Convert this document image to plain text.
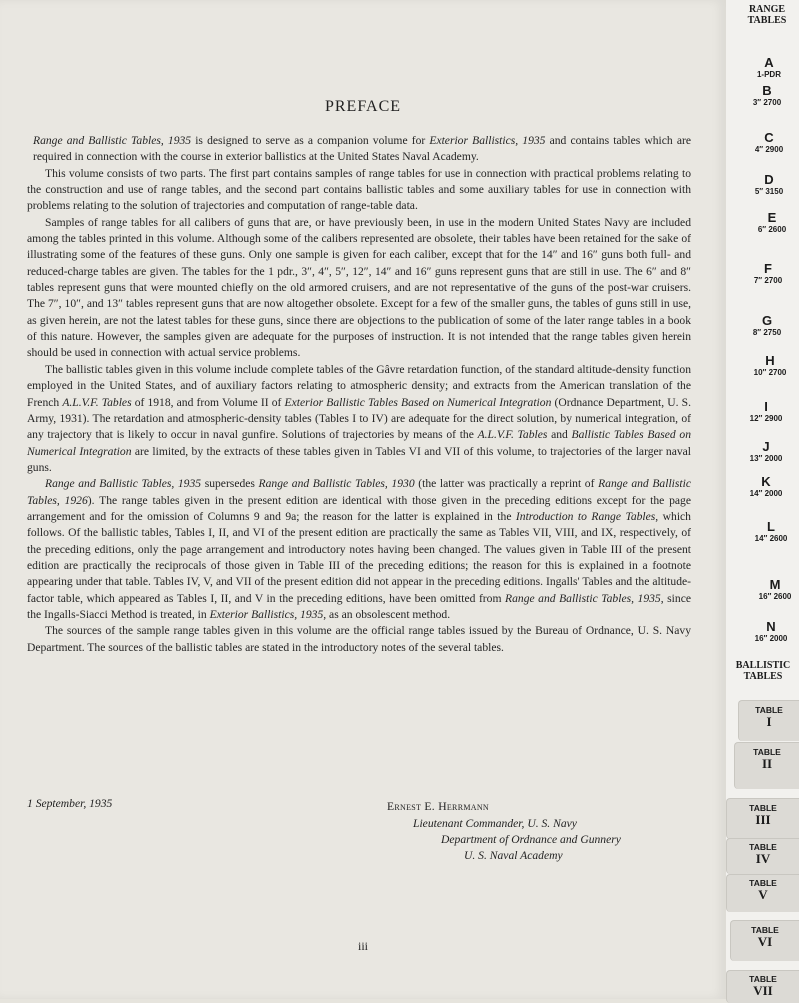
PREFACE

Range and Ballistic Tables, 1935 is designed to serve as a companion volume for Exterior Ballistics, 1935 and contains tables which are required in connection with the course in exterior ballistics at the United States Naval Academy.

This volume consists of two parts. The first part contains samples of range tables for use in connection with practical problems relating to the construction and use of range tables, and the second part contains ballistic tables and some auxiliary tables for use in connection with problems relating to the solution of trajectories and computation of range-table data.

Samples of range tables for all calibers of guns that are, or have previously been, in use in the modern United States Navy are included among the tables printed in this volume. Although some of the calibers represented are obsolete, their tables have been retained for the sake of illustrating some of the features of these guns. Only one sample is given for each caliber, except that for the 14″ and 16″ guns both full- and reduced-charge tables are given. The tables for the 1 pdr., 3″, 4″, 5″, 12″, 14″ and 16″ guns represent guns that are still in use. The 6″ and 8″ tables represent guns that were mounted chiefly on the old armored cruisers, and are not representative of the guns of the post-war cruisers. The 7″, 10″, and 13″ tables represent guns that are now altogether obsolete. Except for a few of the smaller guns, the tables of guns still in use, as given herein, are not the latest tables for these guns, since there are objections to the publication of some of the later range tables in a book of this nature. However, the samples given are adequate for the purposes of instruction. It is not intended that the range tables given herein should be used in connection with actual service problems.

The ballistic tables given in this volume include complete tables of the Gâvre retardation function, of the standard altitude-density function employed in the United States, and of auxiliary factors relating to atmospheric density; and extracts from the American translation of the French A.L.V.F. Tables of 1918, and from Volume II of Exterior Ballistic Tables Based on Numerical Integration (Ordnance Department, U. S. Army, 1931). The retardation and atmospheric-density tables (Tables I to IV) are adequate for the direct solution, by numerical integration, of any trajectory that is likely to occur in naval gunfire. Solutions of trajectories by means of the A.L.V.F. Tables and Ballistic Tables Based on Numerical Integration are limited, by the extracts of these tables given in Tables VI and VII of this volume, to trajectories of the larger naval guns.

Range and Ballistic Tables, 1935 supersedes Range and Ballistic Tables, 1930 (the latter was practically a reprint of Range and Ballistic Tables, 1926). The range tables given in the present edition are identical with those given in the preceding editions except for the page arrangement and for the omission of Columns 9 and 9a; the reason for the latter is explained in the Introduction to Range Tables, which follows. Of the ballistic tables, Tables I, II, and VI of the present edition are practically the same as Tables VII, VIII, and IX, respectively, of the preceding editions, only the page arrangement and introductory notes having been changed. The values given in Table III of the present edition are practically the reciprocals of those given in Table III of the preceding editions; the reason for this is explained in a footnote appearing under that table. Tables IV, V, and VII of the present edition did not appear in the preceding editions. Ingalls' Tables and the altitude-factor table, which appeared as Tables I, II, and V in the preceding editions, have been omitted from Range and Ballistic Tables, 1935, since the Ingalls-Siacci Method is treated, in Exterior Ballistics, 1935, as an obsolescent method.

The sources of the sample range tables given in this volume are the official range tables issued by the Bureau of Ordnance, U. S. Navy Department. The sources of the ballistic tables are stated in the introductory notes of the several tables.

1 September, 1935	Ernest E. Herrmann
Lieutenant Commander, U. S. Navy
Department of Ordnance and Gunnery
U. S. Naval Academy
iii
RANGE
TABLES
A
1-PDR
B
3″ 2700
C
4″ 2900
D
5″ 3150
E
6″ 2600
F
7″ 2700
G
8″ 2750
H
10″ 2700
I
12″ 2900
J
13″ 2000
K
14″ 2000
L
14″ 2600
M
16″ 2600
N
16″ 2000
BALLISTIC
TABLES
TABLE
I
TABLE
II
TABLE
III
TABLE
IV
TABLE
V
TABLE
VI
TABLE
VII
